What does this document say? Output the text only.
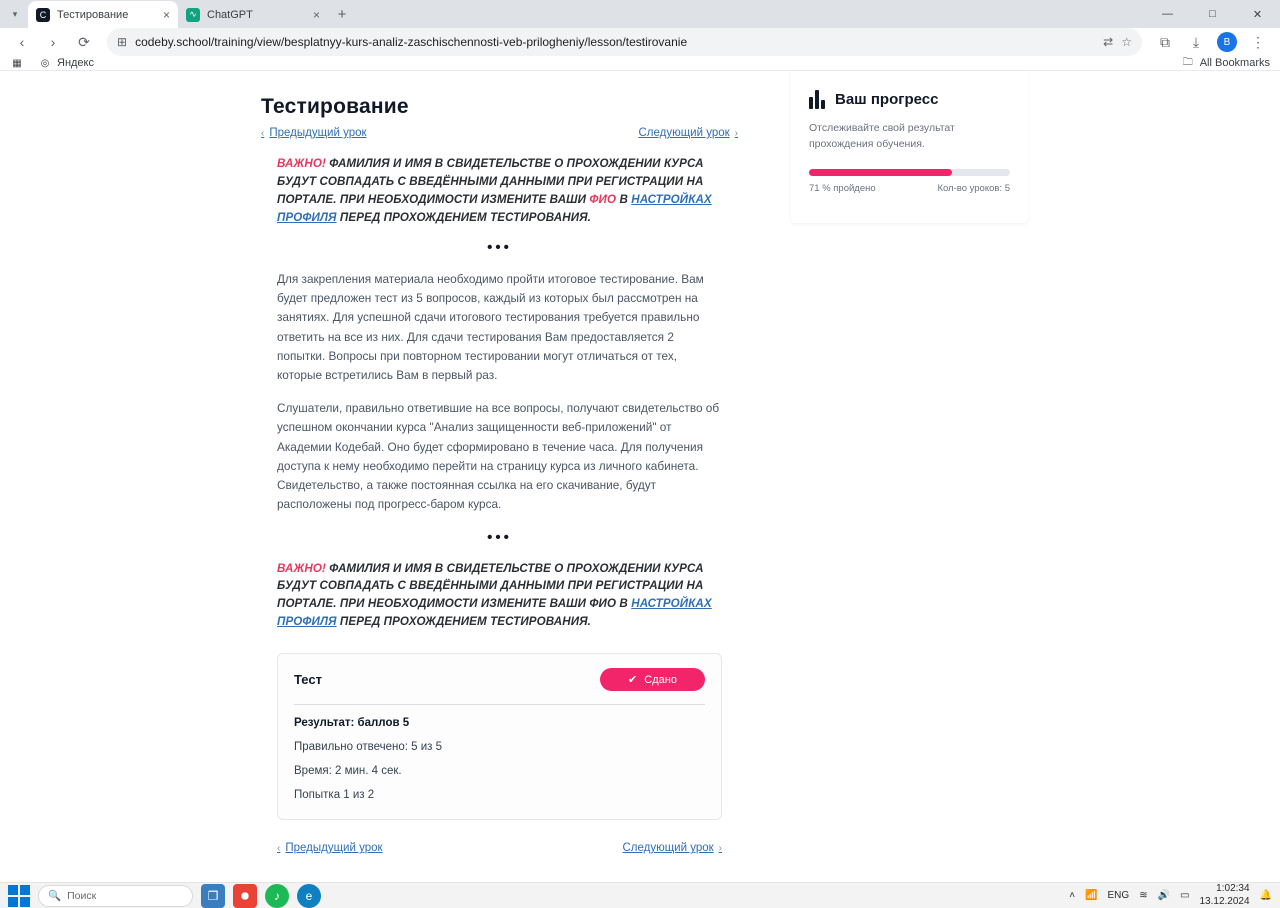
▾	C Тестирование	×	∿ ChatGPT	×	+	—	□	✕
‹	›	⟳	⊞ codeby.school/training/view/besplatnyy-kurs-analiz-zaschischennosti-veb-prilogheniy/lesson/testirovanie	⇄ ☆	⧉	⤓	B	⋮
▦ ◎ Яндекс	🗀 All Bookmarks
Тестирование
‹ Предыдущий урок	Следующий урок ›
ВАЖНО! ФАМИЛИЯ И ИМЯ В СВИДЕТЕЛЬСТВЕ О ПРОХОЖДЕНИИ КУРСА БУДУТ СОВПАДАТЬ С ВВЕДЁННЫМИ ДАННЫМИ ПРИ РЕГИСТРАЦИИ НА ПОРТАЛЕ. ПРИ НЕОБХОДИМОСТИ ИЗМЕНИТЕ ВАШИ ФИО В НАСТРОЙКАХ ПРОФИЛЯ ПЕРЕД ПРОХОЖДЕНИЕМ ТЕСТИРОВАНИЯ.
•••

Для закрепления материала необходимо пройти итоговое тестирование. Вам будет предложен тест из 5 вопросов, каждый из которых был рассмотрен на занятиях. Для успешной сдачи итогового тестирования требуется правильно ответить на все из них. Для сдачи тестирования Вам предоставляется 2 попытки. Вопросы при повторном тестировании могут отличаться от тех, которые встретились Вам в первый раз.

Слушатели, правильно ответившие на все вопросы, получают свидетельство об успешном окончании курса "Анализ защищенности веб-приложений" от Академии Кодебай. Оно будет сформировано в течение часа. Для получения доступа к нему необходимо перейти на страницу курса из личного кабинета. Свидетельство, а также постоянная ссылка на его скачивание, будут расположены под прогресс-баром курса.

•••
ВАЖНО! ФАМИЛИЯ И ИМЯ В СВИДЕТЕЛЬСТВЕ О ПРОХОЖДЕНИИ КУРСА БУДУТ СОВПАДАТЬ С ВВЕДЁННЫМИ ДАННЫМИ ПРИ РЕГИСТРАЦИИ НА ПОРТАЛЕ. ПРИ НЕОБХОДИМОСТИ ИЗМЕНИТЕ ВАШИ ФИО В НАСТРОЙКАХ ПРОФИЛЯ ПЕРЕД ПРОХОЖДЕНИЕМ ТЕСТИРОВАНИЯ.
Тест	✔ Сдано
Результат: баллов 5
Правильно отвечено: 5 из 5
Время: 2 мин. 4 сек.
Попытка 1 из 2
‹ Предыдущий урок	Следующий урок ›
Ваш прогресс
Отслеживайте свой результат прохождения обучения.
71 % пройдено	Кол-во уроков: 5
🔍 Поиск	❐	♪	e	˄ 📶 ENG ≋ 🔊 ▭
1:02:34
13.12.2024 🔔
